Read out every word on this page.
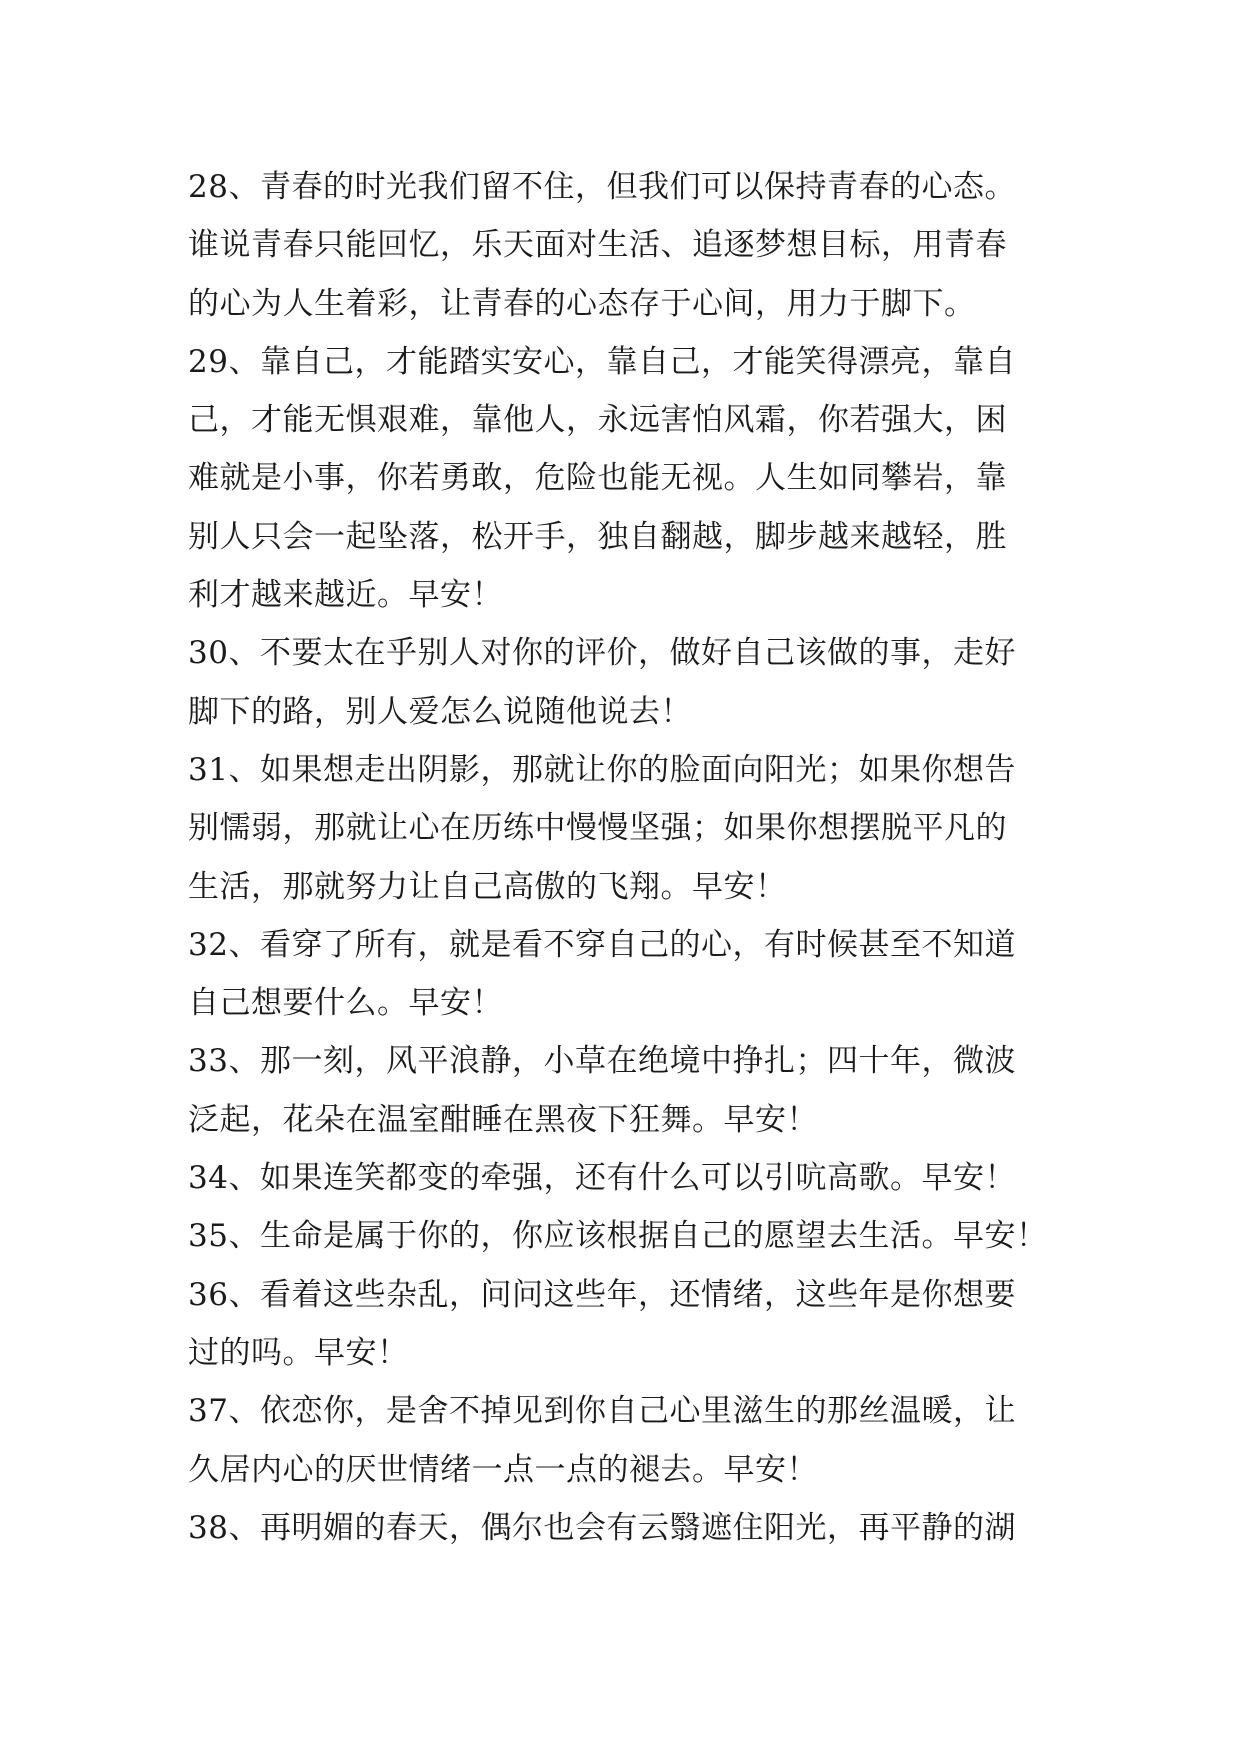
28、青春的时光我们留不住，但我们可以保持青春的心态。
谁说青春只能回忆，乐天面对生活、追逐梦想目标，用青春
的心为人生着彩，让青春的心态存于心间，用力于脚下。
29、靠自己，才能踏实安心，靠自己，才能笑得漂亮，靠自
己，才能无惧艰难，靠他人，永远害怕风霜，你若强大，困
难就是小事，你若勇敢，危险也能无视。人生如同攀岩，靠
别人只会一起坠落，松开手，独自翻越，脚步越来越轻，胜
利才越来越近。早安！
30、不要太在乎别人对你的评价，做好自己该做的事，走好
脚下的路，别人爱怎么说随他说去！
31、如果想走出阴影，那就让你的脸面向阳光；如果你想告
别懦弱，那就让心在历练中慢慢坚强；如果你想摆脱平凡的
生活，那就努力让自己高傲的飞翔。早安！
32、看穿了所有，就是看不穿自己的心，有时候甚至不知道
自己想要什么。早安！
33、那一刻，风平浪静，小草在绝境中挣扎；四十年，微波
泛起，花朵在温室酣睡在黑夜下狂舞。早安！
34、如果连笑都变的牵强，还有什么可以引吭高歌。早安！
35、生命是属于你的，你应该根据自己的愿望去生活。早安！
36、看着这些杂乱，问问这些年，还情绪，这些年是你想要
过的吗。早安！
37、依恋你，是舍不掉见到你自己心里滋生的那丝温暖，让
久居内心的厌世情绪一点一点的褪去。早安！
38、再明媚的春天，偶尔也会有云翳遮住阳光，再平静的湖
